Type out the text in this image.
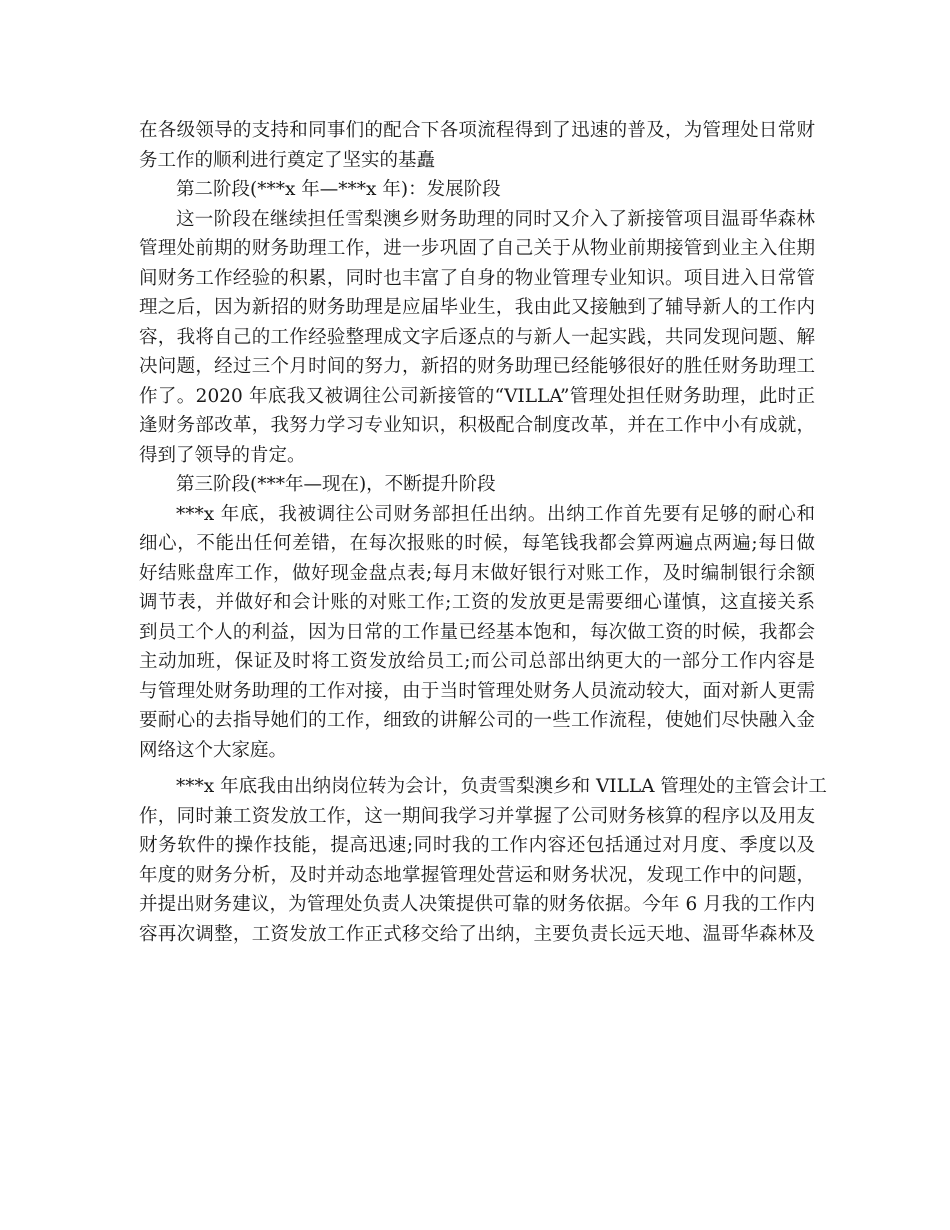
在各级领导的支持和同事们的配合下各项流程得到了迅速的普及，为管理处日常财
务工作的顺利进行奠定了坚实的基矗
第二阶段(***x 年—***x 年)：发展阶段
这一阶段在继续担任雪梨澳乡财务助理的同时又介入了新接管项目温哥华森林
管理处前期的财务助理工作，进一步巩固了自己关于从物业前期接管到业主入住期
间财务工作经验的积累，同时也丰富了自身的物业管理专业知识。项目进入日常管
理之后，因为新招的财务助理是应届毕业生，我由此又接触到了辅导新人的工作内
容，我将自己的工作经验整理成文字后逐点的与新人一起实践，共同发现问题、解
决问题，经过三个月时间的努力，新招的财务助理已经能够很好的胜任财务助理工
作了。2020 年底我又被调往公司新接管的“VILLA”管理处担任财务助理，此时正
逢财务部改革，我努力学习专业知识，积极配合制度改革，并在工作中小有成就，
得到了领导的肯定。
第三阶段(***年—现在)，不断提升阶段
***x 年底，我被调往公司财务部担任出纳。出纳工作首先要有足够的耐心和
细心，不能出任何差错，在每次报账的时候，每笔钱我都会算两遍点两遍;每日做
好结账盘库工作，做好现金盘点表;每月末做好银行对账工作，及时编制银行余额
调节表，并做好和会计账的对账工作;工资的发放更是需要细心谨慎，这直接关系
到员工个人的利益，因为日常的工作量已经基本饱和，每次做工资的时候，我都会
主动加班，保证及时将工资发放给员工;而公司总部出纳更大的一部分工作内容是
与管理处财务助理的工作对接，由于当时管理处财务人员流动较大，面对新人更需
要耐心的去指导她们的工作，细致的讲解公司的一些工作流程，使她们尽快融入金
网络这个大家庭。
***x 年底我由出纳岗位转为会计，负责雪梨澳乡和 VILLA 管理处的主管会计工
作，同时兼工资发放工作，这一期间我学习并掌握了公司财务核算的程序以及用友
财务软件的操作技能，提高迅速;同时我的工作内容还包括通过对月度、季度以及
年度的财务分析，及时并动态地掌握管理处营运和财务状况，发现工作中的问题，
并提出财务建议，为管理处负责人决策提供可靠的财务依据。今年 6 月我的工作内
容再次调整，工资发放工作正式移交给了出纳，主要负责长远天地、温哥华森林及
